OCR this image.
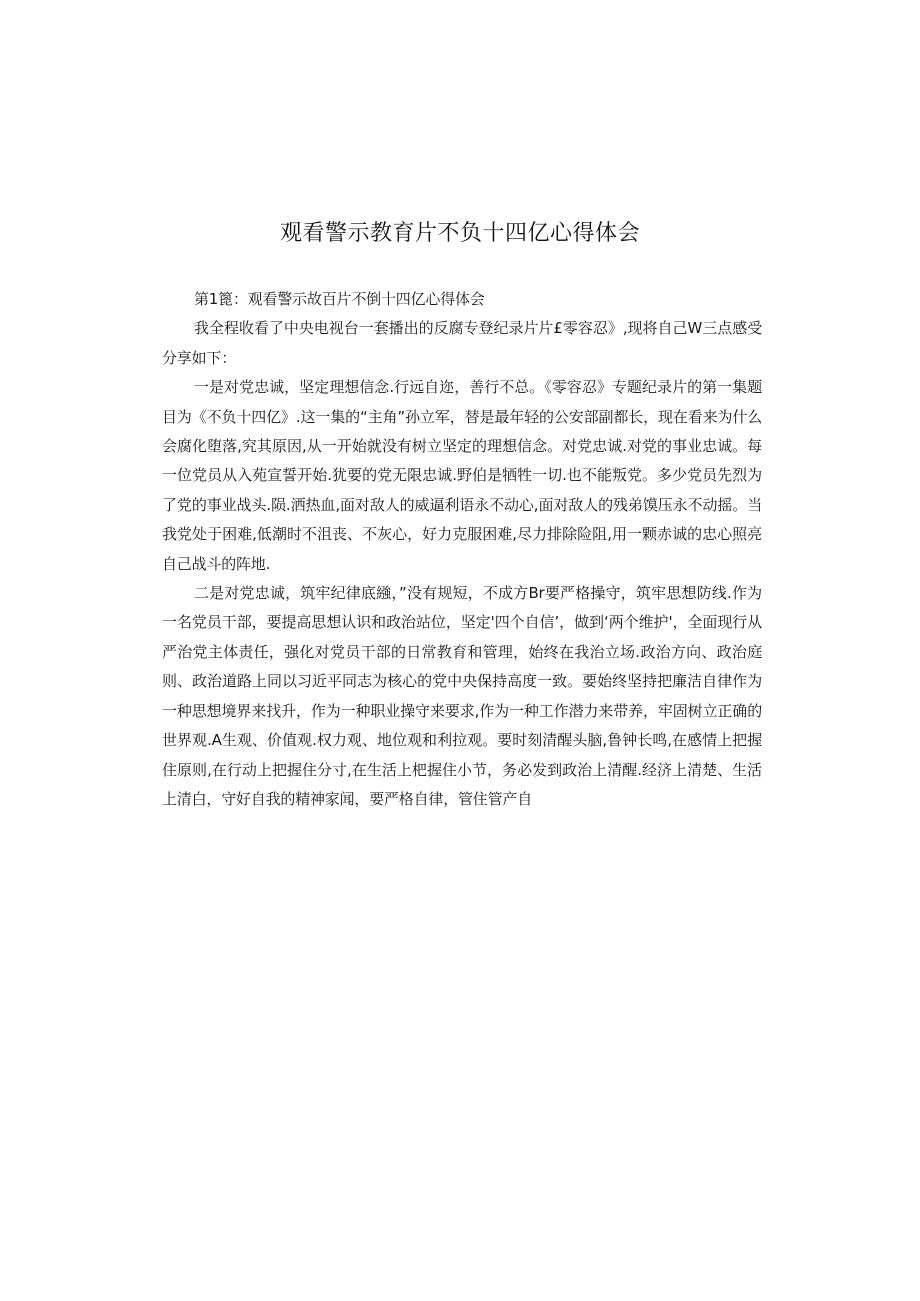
观看警示教育片不负十四亿心得体会

第1篦：观看警示故百片不倒十四亿心得体会

我全程收看了中央电视台一套播出的反腐专登纪录片片£零容忍》,现将自己W三点感受分享如下：

一是对党忠诚，坚定理想信念.行远自迩，善行不总。《零容忍》专题纪录片的第一集题目为《不负十四亿》.这一集的“主角”孙立军，替是最年轻的公安部副都长，现在看来为什么会腐化堕落,究其原因,从一开始就没有树立坚定的理想信念。对党忠诚.对党的事业忠诚。每一位党员从入苑宣誓开始.犹要的党无限忠诚.野伯是牺牲一切.也不能叛党。多少党员先烈为了党的事业战头.陨.洒热血,面对敌人的威逼利语永不动心,面对敌人的残弟馍压永不动摇。当我党处于困难,低潮时不沮丧、不灰心，好力克服困难,尽力排除险阻,用一颗赤诚的忠心照亮自己战斗的阵地.

二是对党忠诚，筑牢纪律底繈，”没有规短，不成方Br要严格操守，筑牢思想防线.作为一名党员干部，要提高思想认识和政治站位，坚定'四个自信’，做到‘两个维护'，全面现行从严治党主体责任，强化对党员干部的日常教育和管理，始终在我治立场.政治方向、政治庭则、政治道路上同以习近平同志为核心的党中央保持高度一致。要始终坚持把廉洁自律作为一种思想境界来找升，作为一种职业操守来要求,作为一种工作潜力来带养，牢固树立正确的世界观.A生观、价值观.权力观、地位观和利拉观。要时刻清醒头脑,鲁钟长鸣,在感情上把握住原则,在行动上把握住分寸,在生活上杷握住小节，务必发到政治上清醒.经济上清楚、生活上清白，守好自我的精神家闻，要严格自律，管住管产自
